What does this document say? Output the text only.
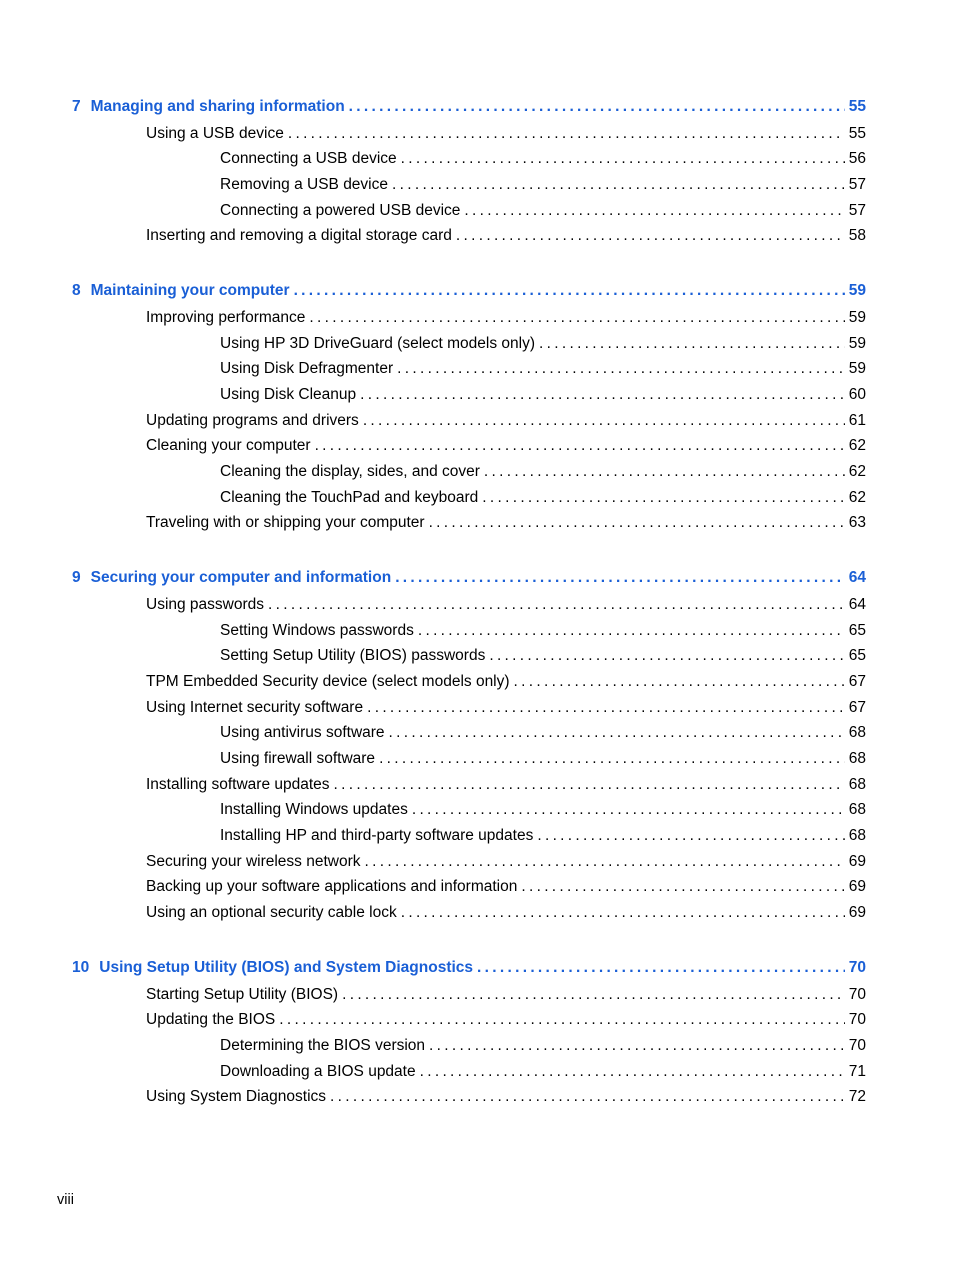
7 Managing and sharing information . . .	55
Using a USB device . . .	55
Connecting a USB device . . .	56
Removing a USB device . . .	57
Connecting a powered USB device . . .	57
Inserting and removing a digital storage card . . .	58
8 Maintaining your computer . . .	59
Improving performance . . .	59
Using HP 3D DriveGuard (select models only) . . .	59
Using Disk Defragmenter . . .	59
Using Disk Cleanup . . .	60
Updating programs and drivers . . .	61
Cleaning your computer . . .	62
Cleaning the display, sides, and cover . . .	62
Cleaning the TouchPad and keyboard . . .	62
Traveling with or shipping your computer . . .	63
9 Securing your computer and information . . .	64
Using passwords . . .	64
Setting Windows passwords . . .	65
Setting Setup Utility (BIOS) passwords . . .	65
TPM Embedded Security device (select models only) . . .	67
Using Internet security software . . .	67
Using antivirus software . . .	68
Using firewall software . . .	68
Installing software updates . . .	68
Installing Windows updates . . .	68
Installing HP and third-party software updates . . .	68
Securing your wireless network . . .	69
Backing up your software applications and information . . .	69
Using an optional security cable lock . . .	69
10 Using Setup Utility (BIOS) and System Diagnostics . . .	70
Starting Setup Utility (BIOS) . . .	70
Updating the BIOS . . .	70
Determining the BIOS version . . .	70
Downloading a BIOS update . . .	71
Using System Diagnostics . . .	72
viii
